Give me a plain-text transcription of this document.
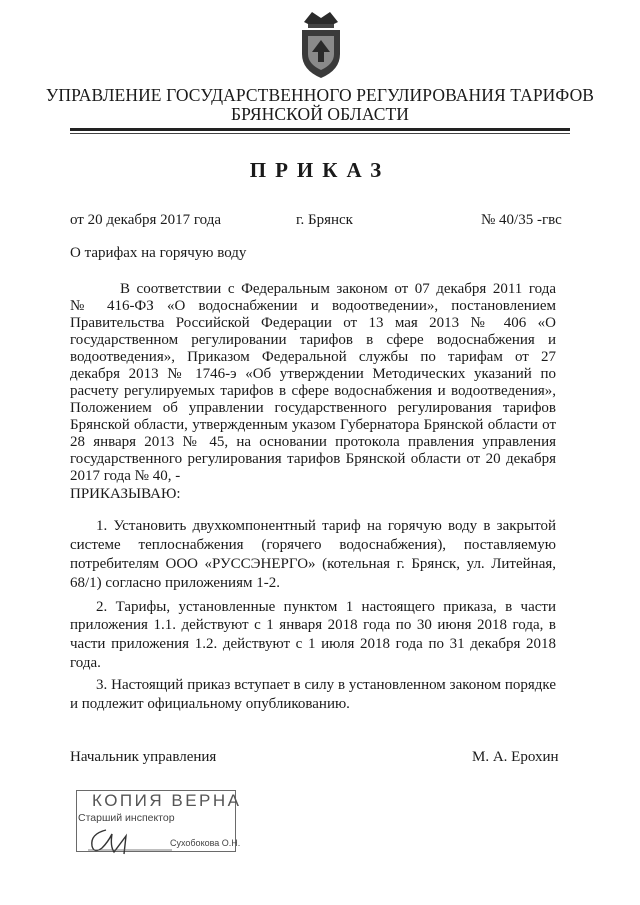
УПРАВЛЕНИЕ ГОСУДАРСТВЕННОГО РЕГУЛИРОВАНИЯ ТАРИФОВ
БРЯНСКОЙ ОБЛАСТИ
ПРИКАЗ
от 20 декабря 2017 года	г. Брянск	№ 40/35 -гвс
О тарифах на горячую воду
В соответствии с Федеральным законом от 07 декабря 2011 года
№ 416-ФЗ «О водоснабжении и водоотведении», постановлением
Правительства Российской Федерации от 13 мая 2013 № 406 «О
государственном регулировании тарифов в сфере водоснабжения и
водоотведения», Приказом Федеральной службы по тарифам от 27
декабря 2013 № 1746-э «Об утверждении Методических указаний по
расчету регулируемых тарифов в сфере водоснабжения и водоотведения»,
Положением об управлении государственного регулирования тарифов
Брянской области, утвержденным указом Губернатора Брянской области от
28 января 2013 № 45, на основании протокола правления управления
государственного регулирования тарифов Брянской области от 20 декабря
2017 года № 40, -
ПРИКАЗЫВАЮ:
1. Установить двухкомпонентный тариф на горячую воду в закрытой
системе теплоснабжения (горячего водоснабжения), поставляемую
потребителям ООО «РУССЭНЕРГО» (котельная г. Брянск, ул. Литейная,
68/1) согласно приложениям 1-2.
2. Тарифы, установленные пунктом 1 настоящего приказа, в части
приложения 1.1. действуют с 1 января 2018 года по 30 июня 2018 года, в
части приложения 1.2. действуют с 1 июля 2018 года по 31 декабря 2018
года.
3. Настоящий приказ вступает в силу в установленном законом порядке
и подлежит официальному опубликованию.
Начальник управления	М. А. Ерохин
КОПИЯ ВЕРНА
Старший инспектор
Сухобокова О.Н.
